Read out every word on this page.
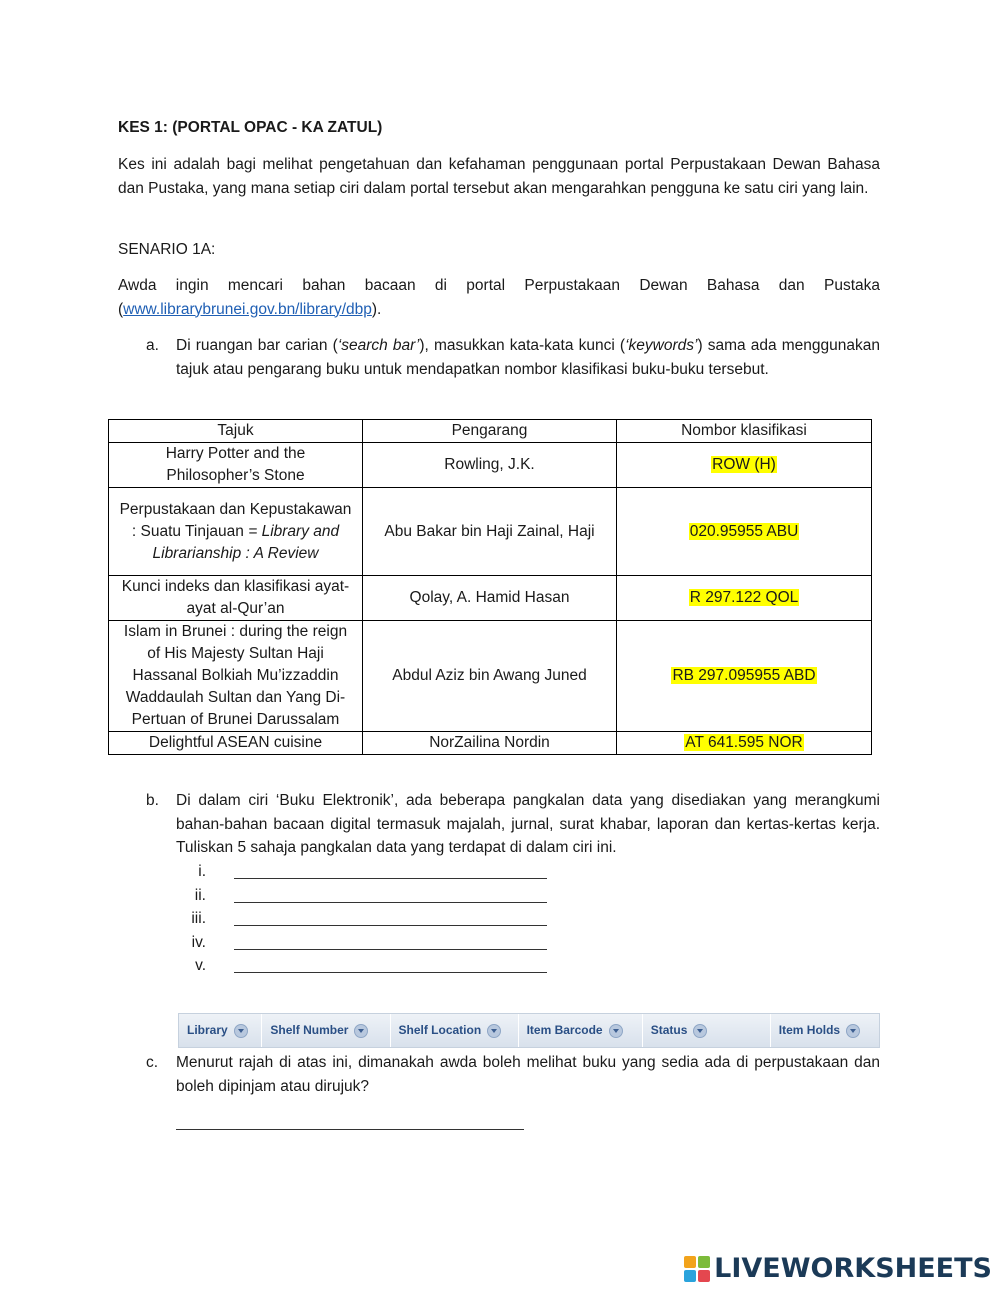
KES 1: (PORTAL OPAC - KA ZATUL)
Kes ini adalah bagi melihat pengetahuan dan kefahaman penggunaan portal Perpustakaan Dewan Bahasa dan Pustaka, yang mana setiap ciri dalam portal tersebut akan mengarahkan pengguna ke satu ciri yang lain.
SENARIO 1A:
Awda ingin mencari bahan bacaan di portal Perpustakaan Dewan Bahasa dan Pustaka (www.librarybrunei.gov.bn/library/dbp).
a.	Di ruangan bar carian (‘search bar’), masukkan kata-kata kunci (‘keywords’) sama ada menggunakan tajuk atau pengarang buku untuk mendapatkan nombor klasifikasi buku-buku tersebut.
Tajuk	Pengarang	Nombor klasifikasi
Harry Potter and the Philosopher’s Stone	Rowling, J.K.	ROW (H)
Perpustakaan dan Kepustakawan : Suatu Tinjauan = Library and Librarianship : A Review	Abu Bakar bin Haji Zainal, Haji	020.95955 ABU
Kunci indeks dan klasifikasi ayat-ayat al-Qur’an	Qolay, A. Hamid Hasan	R 297.122 QOL
Islam in Brunei : during the reign of His Majesty Sultan Haji Hassanal Bolkiah Mu’izzaddin Waddaulah Sultan dan Yang Di-Pertuan of Brunei Darussalam	Abdul Aziz bin Awang Juned	RB 297.095955 ABD
Delightful ASEAN cuisine	NorZailina Nordin	AT 641.595 NOR
b.	Di dalam ciri ‘Buku Elektronik’, ada beberapa pangkalan data yang disediakan yang merangkumi bahan-bahan bacaan digital termasuk majalah, jurnal, surat khabar, laporan dan kertas-kertas kerja. Tuliskan 5 sahaja pangkalan data yang terdapat di dalam ciri ini.
i.
ii.
iii.
iv.
v.
Library	Shelf Number	Shelf Location	Item Barcode	Status	Item Holds
c.	Menurut rajah di atas ini, dimanakah awda boleh melihat buku yang sedia ada di perpustakaan dan boleh dipinjam atau dirujuk?
LIVEWORKSHEETS
